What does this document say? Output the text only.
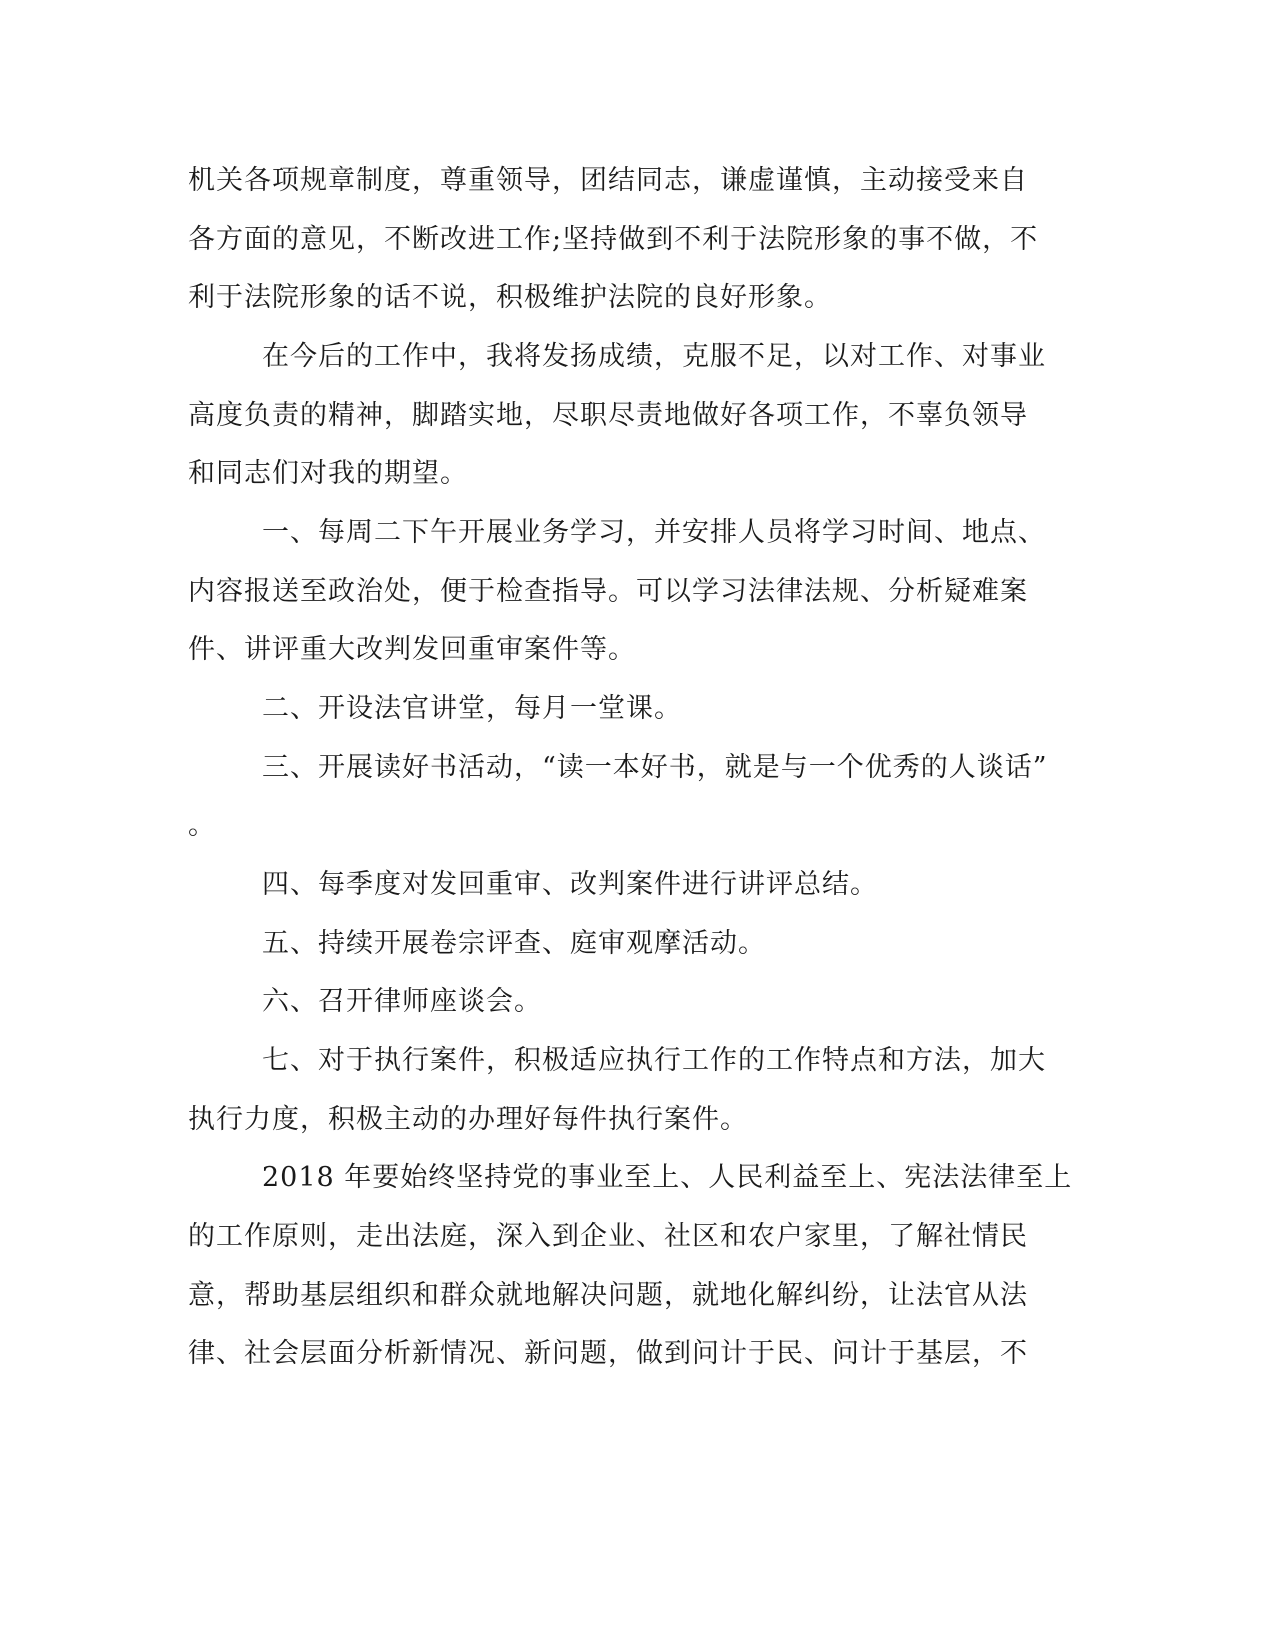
机关各项规章制度，尊重领导，团结同志，谦虚谨慎，主动接受来自
各方面的意见，不断改进工作;坚持做到不利于法院形象的事不做，不
利于法院形象的话不说，积极维护法院的良好形象。
在今后的工作中，我将发扬成绩，克服不足，以对工作、对事业
高度负责的精神，脚踏实地，尽职尽责地做好各项工作，不辜负领导
和同志们对我的期望。
一、每周二下午开展业务学习，并安排人员将学习时间、地点、
内容报送至政治处，便于检查指导。可以学习法律法规、分析疑难案
件、讲评重大改判发回重审案件等。
二、开设法官讲堂，每月一堂课。
三、开展读好书活动，“读一本好书，就是与一个优秀的人谈话”
。
四、每季度对发回重审、改判案件进行讲评总结。
五、持续开展卷宗评查、庭审观摩活动。
六、召开律师座谈会。
七、对于执行案件，积极适应执行工作的工作特点和方法，加大
执行力度，积极主动的办理好每件执行案件。
2018 年要始终坚持党的事业至上、人民利益至上、宪法法律至上
的工作原则，走出法庭，深入到企业、社区和农户家里，了解社情民
意，帮助基层组织和群众就地解决问题，就地化解纠纷，让法官从法
律、社会层面分析新情况、新问题，做到问计于民、问计于基层，不
